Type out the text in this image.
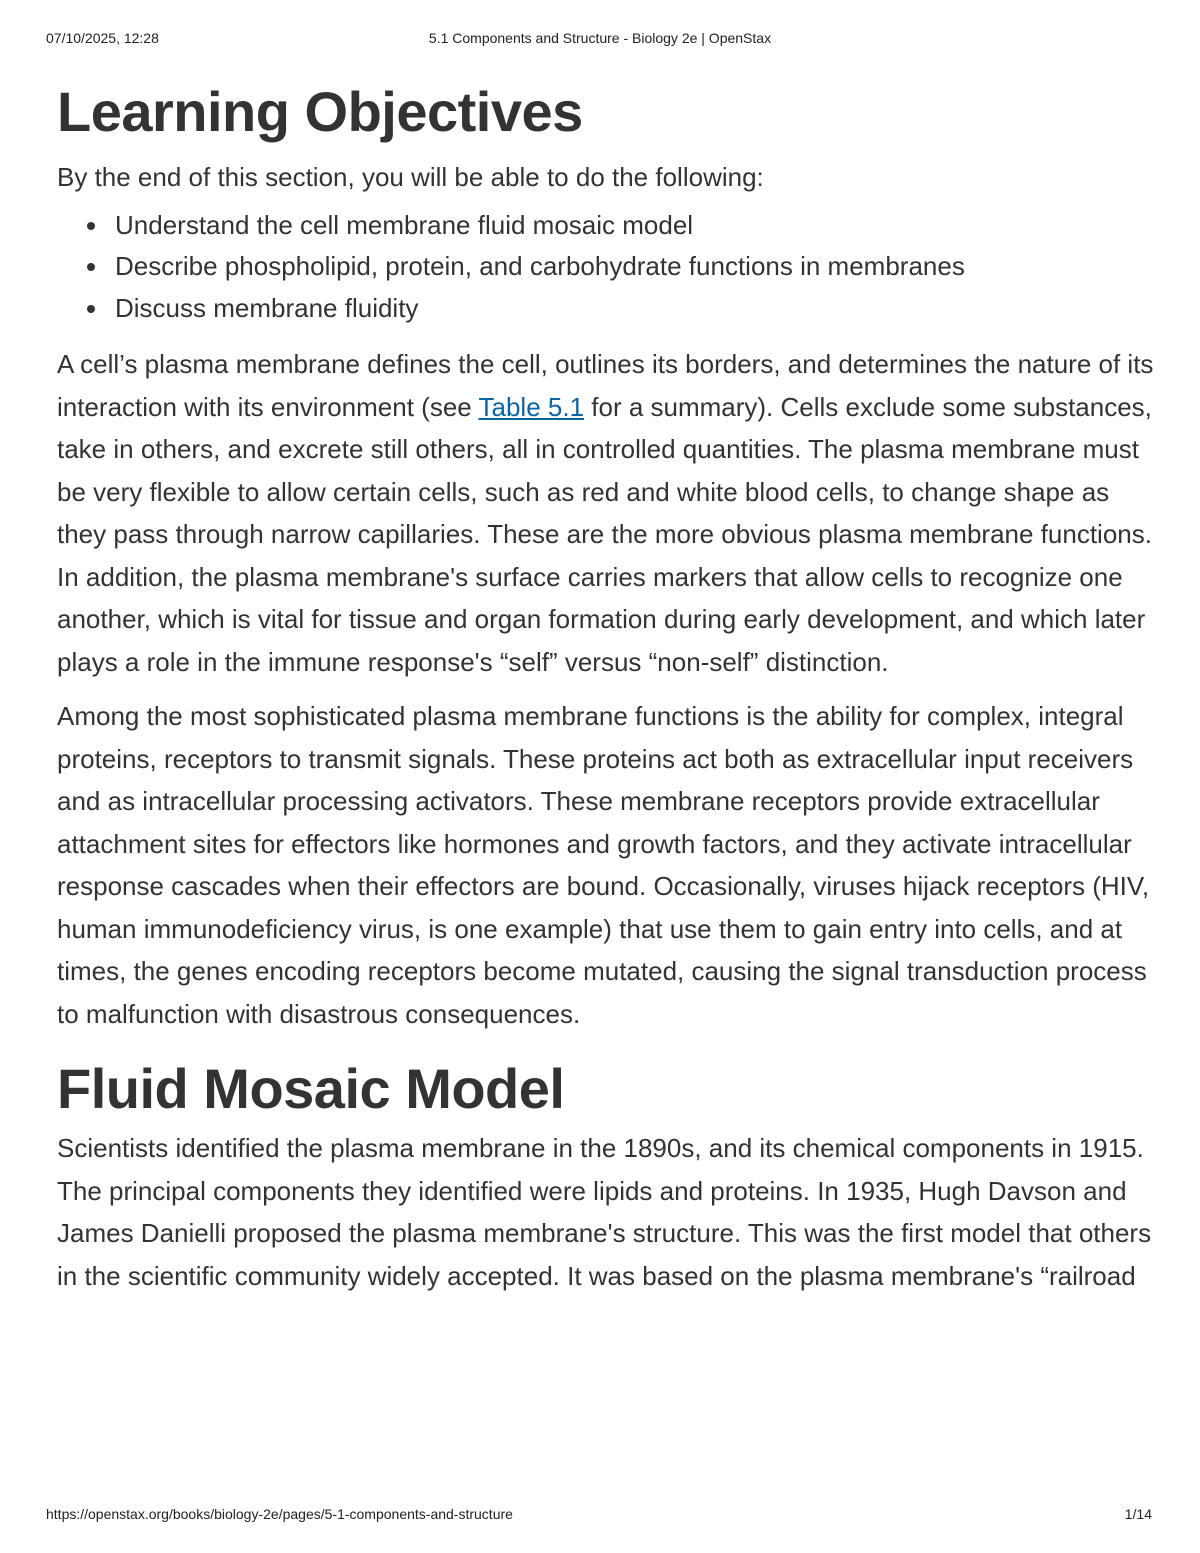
07/10/2025, 12:28	5.1 Components and Structure - Biology 2e | OpenStax
Learning Objectives

By the end of this section, you will be able to do the following:

Understand the cell membrane fluid mosaic model
Describe phospholipid, protein, and carbohydrate functions in membranes
Discuss membrane fluidity

A cell’s plasma membrane defines the cell, outlines its borders, and determines the nature of its interaction with its environment (see Table 5.1 for a summary). Cells exclude some substances, take in others, and excrete still others, all in controlled quantities. The plasma membrane must be very flexible to allow certain cells, such as red and white blood cells, to change shape as they pass through narrow capillaries. These are the more obvious plasma membrane functions. In addition, the plasma membrane's surface carries markers that allow cells to recognize one another, which is vital for tissue and organ formation during early development, and which later plays a role in the immune response's “self” versus “non-self” distinction.

Among the most sophisticated plasma membrane functions is the ability for complex, integral proteins, receptors to transmit signals. These proteins act both as extracellular input receivers and as intracellular processing activators. These membrane receptors provide extracellular attachment sites for effectors like hormones and growth factors, and they activate intracellular response cascades when their effectors are bound. Occasionally, viruses hijack receptors (HIV, human immunodeficiency virus, is one example) that use them to gain entry into cells, and at times, the genes encoding receptors become mutated, causing the signal transduction process to malfunction with disastrous consequences.

Fluid Mosaic Model

Scientists identified the plasma membrane in the 1890s, and its chemical components in 1915. The principal components they identified were lipids and proteins. In 1935, Hugh Davson and James Danielli proposed the plasma membrane's structure. This was the first model that others in the scientific community widely accepted. It was based on the plasma membrane's “railroad

https://openstax.org/books/biology-2e/pages/5-1-components-and-structure	1/14
